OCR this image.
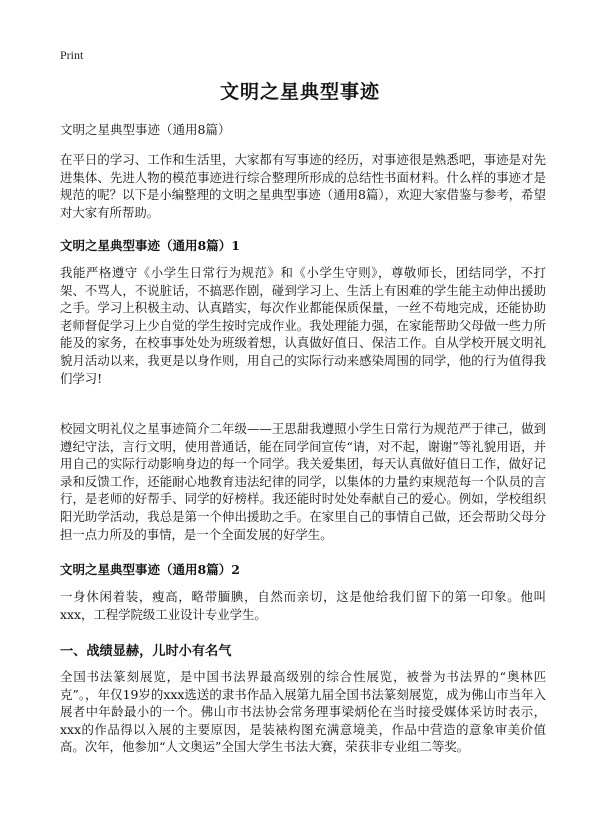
Print
文明之星典型事迹
文明之星典型事迹（通用8篇）

在平日的学习、工作和生活里，大家都有写事迹的经历，对事迹很是熟悉吧，事迹是对先进集体、先进人物的模范事迹进行综合整理所形成的总结性书面材料。什么样的事迹才是规范的呢？以下是小编整理的文明之星典型事迹（通用8篇），欢迎大家借鉴与参考，希望对大家有所帮助。

文明之星典型事迹（通用8篇）1

我能严格遵守《小学生日常行为规范》和《小学生守则》，尊敬师长，团结同学，不打架、不骂人，不说脏话，不搞恶作剧，碰到学习上、生活上有困难的学生能主动伸出援助之手。学习上积极主动、认真踏实，每次作业都能保质保量，一丝不苟地完成，还能协助老师督促学习上少自觉的学生按时完成作业。我处理能力强，在家能帮助父母做一些力所能及的家务，在校事事处处为班级着想，认真做好值日、保洁工作。自从学校开展文明礼貌月活动以来，我更是以身作则，用自己的实际行动来感染周围的同学，他的行为值得我们学习!

校园文明礼仪之星事迹简介二年级——王思甜我遵照小学生日常行为规范严于律己，做到遵纪守法，言行文明，使用普通话，能在同学间宣传“请，对不起，谢谢”等礼貌用语，并用自己的实际行动影响身边的每一个同学。我关爱集团，每天认真做好值日工作，做好记录和反馈工作，还能耐心地教育违法纪律的同学，以集体的力量约束规范每一个队员的言行，是老师的好帮手、同学的好榜样。我还能时时处处奉献自己的爱心。例如，学校组织阳光助学活动，我总是第一个伸出援助之手。在家里自己的事情自己做，还会帮助父母分担一点力所及的事情，是一个全面发展的好学生。

文明之星典型事迹（通用8篇）2

一身休闲着装，瘦高，略带腼腆，自然而亲切，这是他给我们留下的第一印象。他叫xxx，工程学院级工业设计专业学生。

一、战绩显赫，儿时小有名气

全国书法篆刻展览，是中国书法界最高级别的综合性展览，被誉为书法界的“奥林匹克”。，年仅19岁的xxx选送的隶书作品入展第九届全国书法篆刻展览，成为佛山市当年入展者中年龄最小的一个。佛山市书法协会常务理事梁炳伦在当时接受媒体采访时表示，xxx的作品得以入展的主要原因，是装裱构图充满意境美，作品中营造的意象审美价值高。次年，他参加“人文奥运”全国大学生书法大赛，荣获非专业组二等奖。
